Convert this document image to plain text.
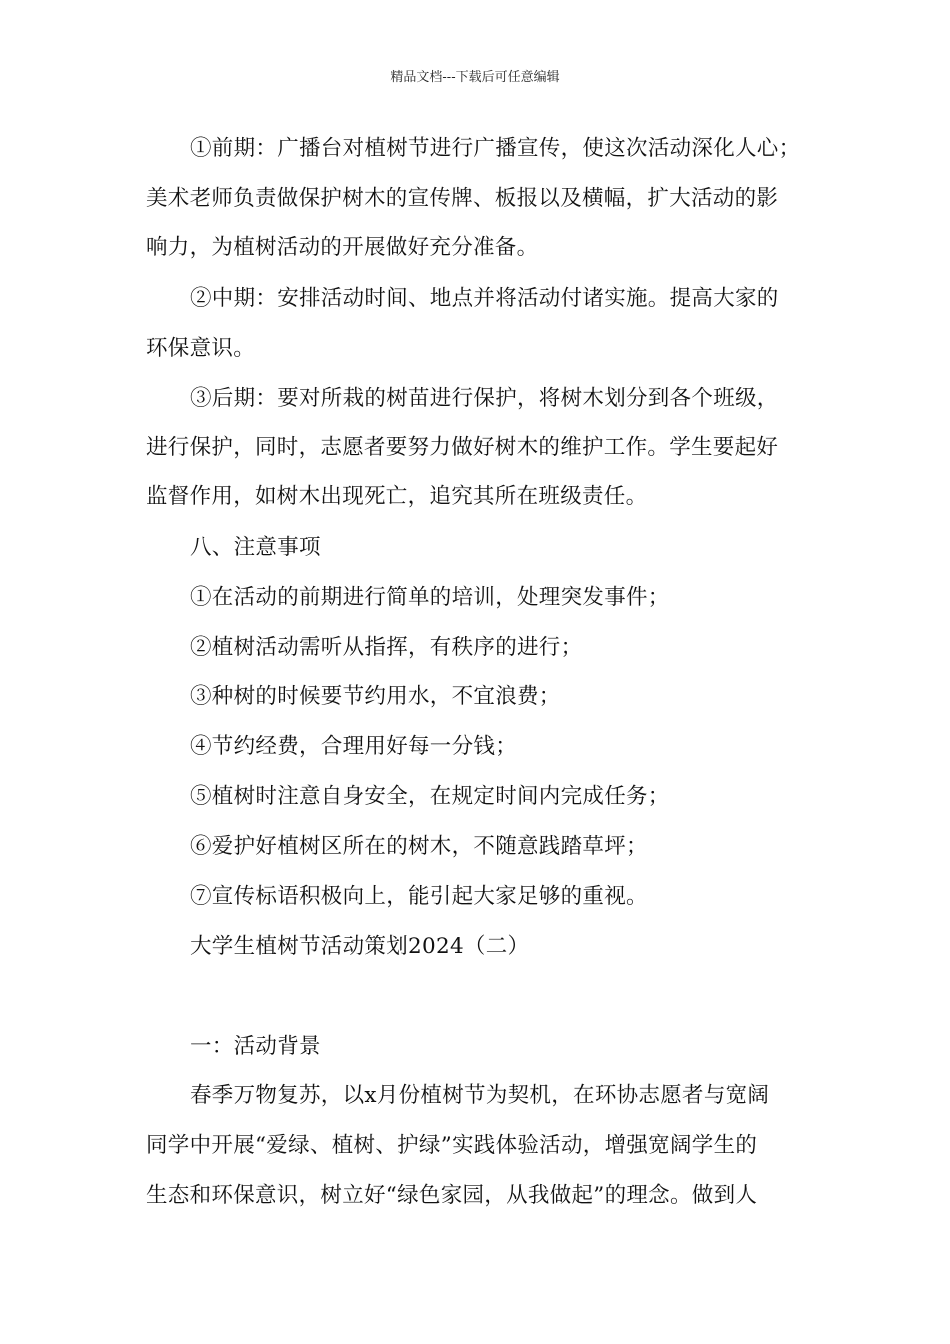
精品文档---下载后可任意编辑
①前期：广播台对植树节进行广播宣传，使这次活动深化人心；
美术老师负责做保护树木的宣传牌、板报以及横幅，扩大活动的影
响力，为植树活动的开展做好充分准备。
②中期：安排活动时间、地点并将活动付诸实施。提高大家的
环保意识。
③后期：要对所栽的树苗进行保护，将树木划分到各个班级，
进行保护，同时，志愿者要努力做好树木的维护工作。学生要起好
监督作用，如树木出现死亡，追究其所在班级责任。
八、注意事项
①在活动的前期进行简单的培训，处理突发事件；
②植树活动需听从指挥，有秩序的进行；
③种树的时候要节约用水，不宜浪费；
④节约经费，合理用好每一分钱；
⑤植树时注意自身安全，在规定时间内完成任务；
⑥爱护好植树区所在的树木，不随意践踏草坪；
⑦宣传标语积极向上，能引起大家足够的重视。
大学生植树节活动策划2024（二）
一：活动背景
春季万物复苏，以x月份植树节为契机，在环协志愿者与宽阔
同学中开展“爱绿、植树、护绿”实践体验活动，增强宽阔学生的
生态和环保意识，树立好“绿色家园，从我做起”的理念。做到人
